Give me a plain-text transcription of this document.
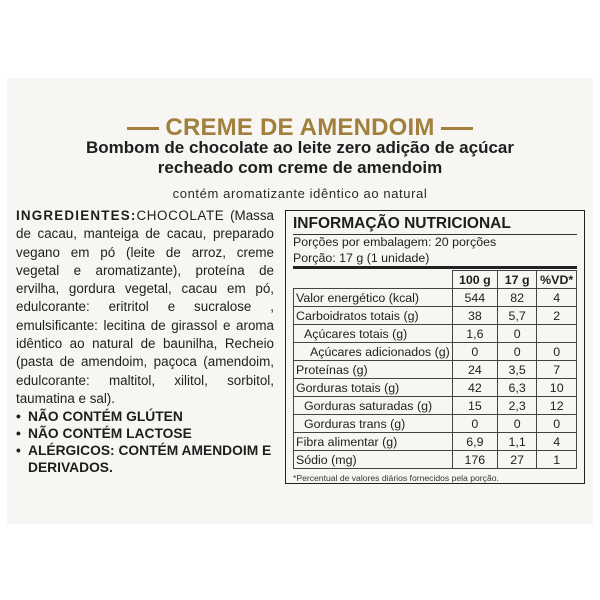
CREME DE AMENDOIM
Bombom de chocolate ao leite zero adição de açúcar
recheado com creme de amendoim
contém aromatizante idêntico ao natural

INGREDIENTES:CHOCOLATE (Massa de cacau, manteiga de cacau, preparado vegano em pó (leite de arroz, creme vegetal e aromatizante), proteína de ervilha, gordura vegetal, cacau em pó, edulcorante: eritritol e sucralose , emulsificante: lecitina de girassol e aroma idêntico ao natural de baunilha, Recheio (pasta de amendoim, paçoca (amendoim, edulcorante: maltitol, xilitol, sorbitol, taumatina e sal).

• NÃO CONTÉM GLÚTEN
• NÃO CONTÉM LACTOSE
• ALÉRGICOS: CONTÉM AMENDOIM E DERIVADOS.
INFORMAÇÃO NUTRICIONAL
Porções por embalagem: 20 porções
Porção: 17 g (1 unidade)
	100 g	17 g	%VD*
Valor energético (kcal)	544	82	4
Carboidratos totais (g)	38	5,7	2
Açúcares totais (g)	1,6	0	
Açúcares adicionados (g)	0	0	0
Proteínas (g)	24	3,5	7
Gorduras totais (g)	42	6,3	10
Gorduras saturadas (g)	15	2,3	12
Gorduras trans (g)	0	0	0
Fibra alimentar (g)	6,9	1,1	4
Sódio (mg)	176	27	1
*Percentual de valores diários fornecidos pela porção.
